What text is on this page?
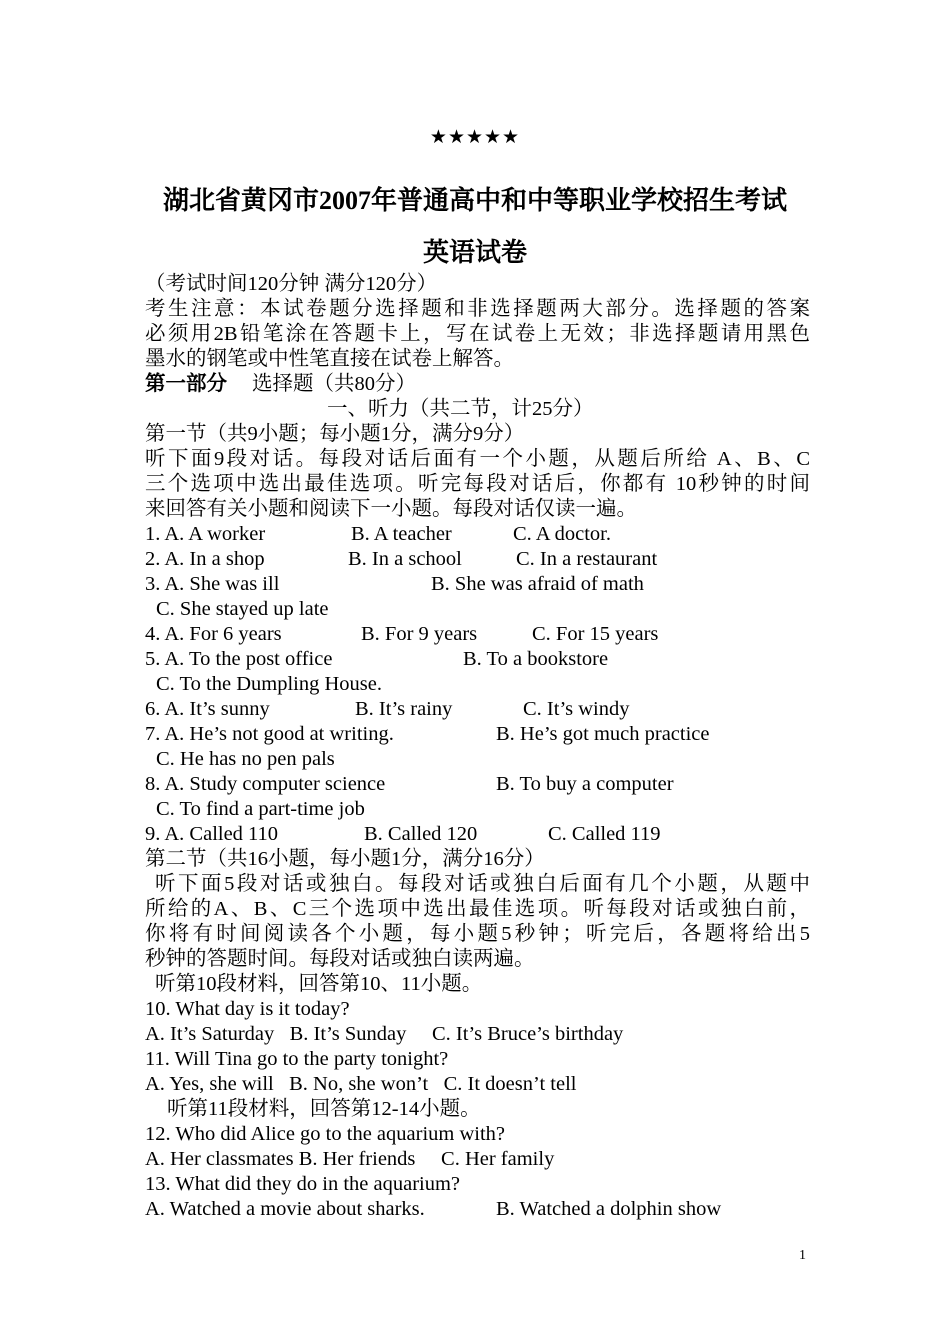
★★★★★
湖北省黄冈市2007年普通高中和中等职业学校招生考试
英语试卷
（考试时间120分钟 满分120分）
考生注意：本试卷题分选择题和非选择题两大部分。选择题的答案
必须用2B铅笔涂在答题卡上，写在试卷上无效；非选择题请用黑色
墨水的钢笔或中性笔直接在试卷上解答。
第一部分 选择题（共80分）
一、听力（共二节，计25分）
第一节（共9小题；每小题1分，满分9分）
听下面9段对话。每段对话后面有一个小题，从题后所给 A、B、C
三个选项中选出最佳选项。听完每段对话后，你都有 10秒钟的时间
来回答有关小题和阅读下一小题。每段对话仅读一遍。
1. A. A worker	B. A teacher	C. A doctor.
2. A. In a shop	B. In a school	C. In a restaurant
3. A. She was ill	B. She was afraid of math
C. She stayed up late
4. A. For 6 years	B. For 9 years	C. For 15 years
5. A. To the post office	B. To a bookstore
C. To the Dumpling House.
6. A. It’s sunny	B. It’s rainy	C. It’s windy
7. A. He’s not good at writing.	B. He’s got much practice
C. He has no pen pals
8. A. Study computer science	B. To buy a computer
C. To find a part-time job
9. A. Called 110	B. Called 120	C. Called 119
第二节（共16小题，每小题1分，满分16分）
听下面5段对话或独白。每段对话或独白后面有几个小题，从题中
所给的A、B、C三个选项中选出最佳选项。听每段对话或独白前，
你将有时间阅读各个小题，每小题5秒钟；听完后，各题将给出5
秒钟的答题时间。每段对话或独白读两遍。
听第10段材料，回答第10、11小题。
10. What day is it today?
A. It’s Saturday   B. It’s Sunday     C. It’s Bruce’s birthday
11. Will Tina go to the party tonight?
A. Yes, she will   B. No, she won’t   C. It doesn’t tell
听第11段材料，回答第12-14小题。
12. Who did Alice go to the aquarium with?
A. Her classmates B. Her friends     C. Her family
13. What did they do in the aquarium?
A. Watched a movie about sharks.	B. Watched a dolphin show
1
